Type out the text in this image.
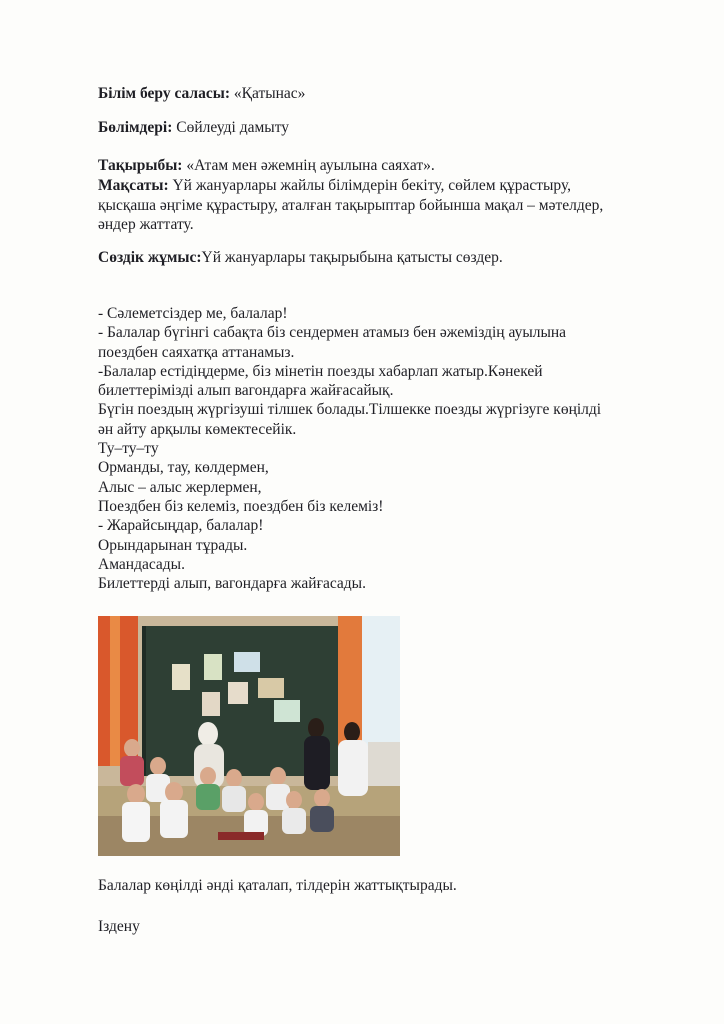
Білім беру саласы: «Қатынас»
Бөлімдері: Сөйлеуді дамыту
Тақырыбы: «Атам мен әжемнің ауылына саяхат».
Мақсаты: Үй жануарлары жайлы білімдерін бекіту, сөйлем құрастыру,
қысқаша әңгіме құрастыру, аталған тақырыптар бойынша мақал – мәтелдер,
әндер жаттату.
Сөздік жұмыс:Үй жануарлары тақырыбына қатысты сөздер.
- Сәлеметсіздер ме, балалар!
- Балалар бүгінгі сабақта біз сендермен атамыз бен әжеміздің ауылына
поездбен саяхатқа аттанамыз.
-Балалар естідіңдерме, біз мінетін поезды хабарлап жатыр.Кәнекей
билеттерімізді алып вагондарға жайғасайық.
Бүгін поездың жүргізуші тілшек болады.Тілшекке поезды жүргізуге көңілді
ән айту арқылы көмектесейік.
Ту–ту–ту
Орманды, тау, көлдермен,
Алыс – алыс жерлермен,
Поездбен біз келеміз, поездбен біз келеміз!
- Жарайсыңдар, балалар!
Орындарынан тұрады.
Амандасады.
Билеттерді алып, вагондарға жайғасады.
Балалар көңілді әнді қаталап, тілдерін жаттықтырады.
Іздену
